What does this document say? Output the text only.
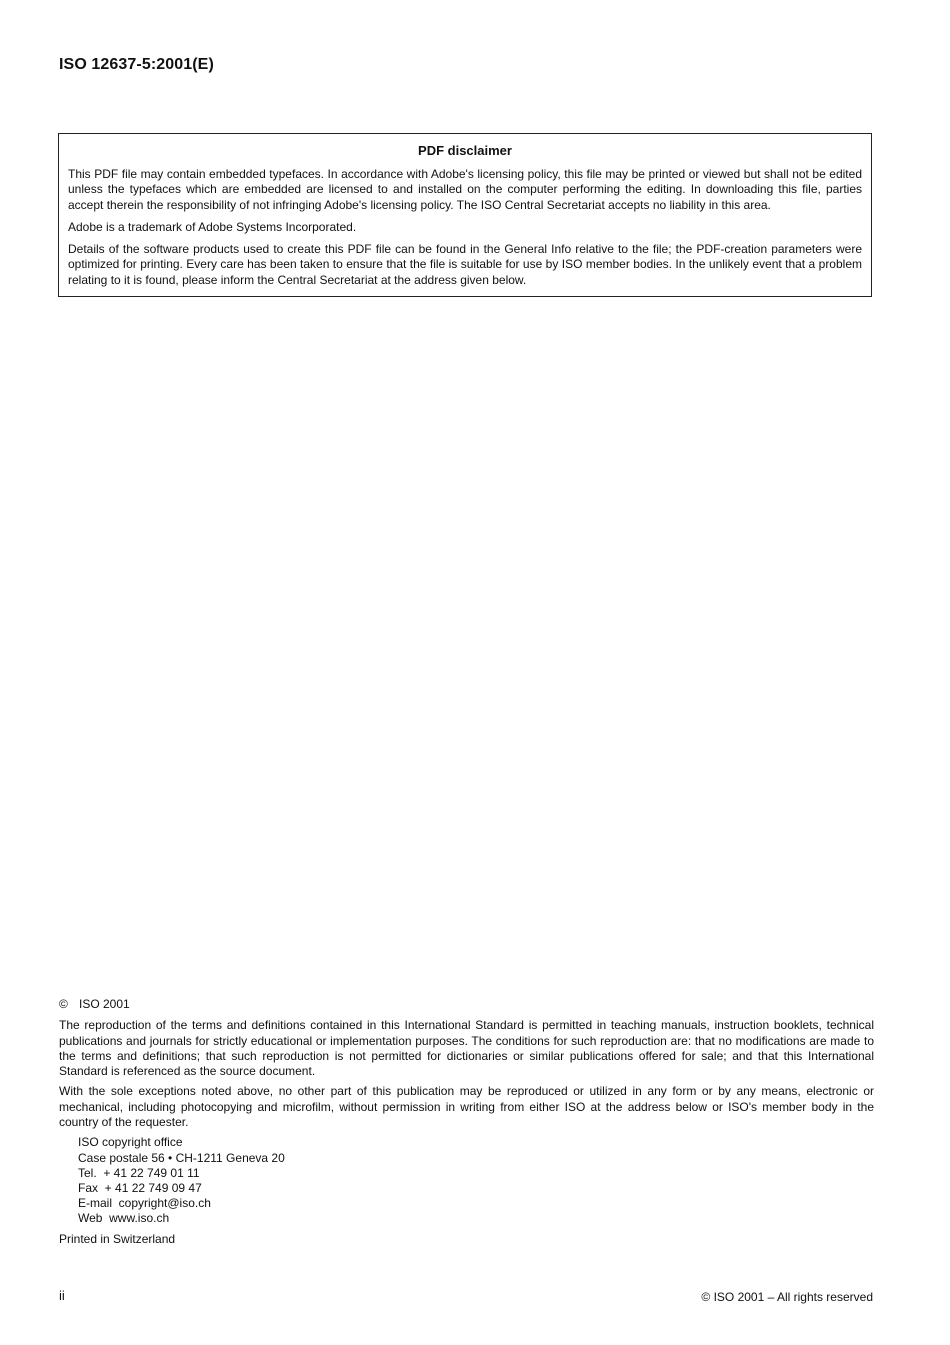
ISO 12637-5:2001(E)
PDF disclaimer

This PDF file may contain embedded typefaces. In accordance with Adobe's licensing policy, this file may be printed or viewed but shall not be edited unless the typefaces which are embedded are licensed to and installed on the computer performing the editing. In downloading this file, parties accept therein the responsibility of not infringing Adobe's licensing policy. The ISO Central Secretariat accepts no liability in this area.

Adobe is a trademark of Adobe Systems Incorporated.

Details of the software products used to create this PDF file can be found in the General Info relative to the file; the PDF-creation parameters were optimized for printing. Every care has been taken to ensure that the file is suitable for use by ISO member bodies. In the unlikely event that a problem relating to it is found, please inform the Central Secretariat at the address given below.

© ISO 2001

The reproduction of the terms and definitions contained in this International Standard is permitted in teaching manuals, instruction booklets, technical publications and journals for strictly educational or implementation purposes. The conditions for such reproduction are: that no modifications are made to the terms and definitions; that such reproduction is not permitted for dictionaries or similar publications offered for sale; and that this International Standard is referenced as the source document.

With the sole exceptions noted above, no other part of this publication may be reproduced or utilized in any form or by any means, electronic or mechanical, including photocopying and microfilm, without permission in writing from either ISO at the address below or ISO's member body in the country of the requester.

ISO copyright office
Case postale 56 • CH-1211 Geneva 20
Tel.  + 41 22 749 01 11
Fax  + 41 22 749 09 47
E-mail  copyright@iso.ch
Web  www.iso.ch

Printed in Switzerland

ii	© ISO 2001 – All rights reserved
